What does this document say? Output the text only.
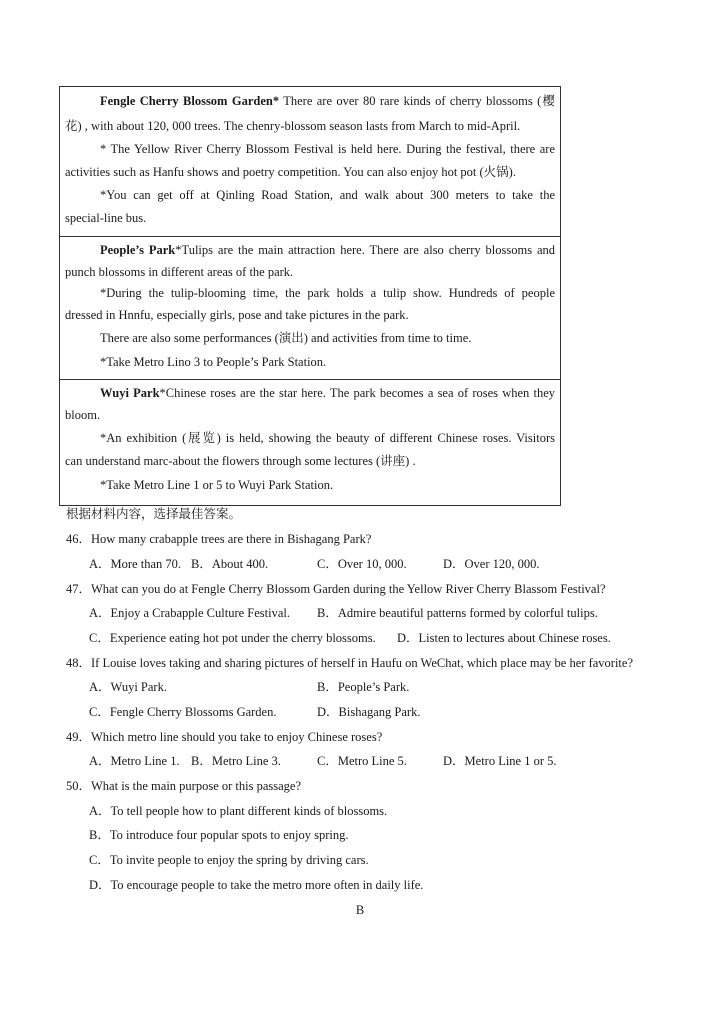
Fengle Cherry Blossom Garden* There are over 80 rare kinds of cherry blossoms (樱
花) , with about 120, 000 trees. The chenry-blossom season lasts from March to mid-April.
* The Yellow River Cherry Blossom Festival is held here. During the festival, there are
activities such as Hanfu shows and poetry competition. You can also enjoy hot pot (火锅).
*You can get off at Qinling Road Station, and walk about 300 meters to take the
special-line bus.
People’s Park*Tulips are the main attraction here. There are also cherry blossoms and
punch blossoms in different areas of the park.
*During the tulip-blooming time, the park holds a tulip show. Hundreds of people
dressed in Hnnfu, especially girls, pose and take pictures in the park.
There are also some performances (演出) and activities from time to time.
*Take Metro Lino 3 to People’s Park Station.
Wuyi Park*Chinese roses are the star here. The park becomes a sea of roses when they
bloom.
*An exhibition (展览) is held, showing the beauty of different Chinese roses. Visitors
can understand marc-about the flowers through some lectures (讲座) .
*Take Metro Line 1 or 5 to Wuyi Park Station.
根据材料内容，选择最佳答案。
46．How many crabapple trees are there in Bishagang Park?
A．More than 70. B．About 400.	C．Over 10, 000.	D．Over 120, 000.
47．What can you do at Fengle Cherry Blossom Garden during the Yellow River Cherry Blassom Festival?
A．Enjoy a Crabapple Culture Festival. B．Admire beautiful patterns formed by colorful tulips.
C．Experience eating hot pot under the cherry blossoms. D．Listen to lectures about Chinese roses.
48．If Louise loves taking and sharing pictures of herself in Haufu on WeChat, which place may be her favorite?
A．Wuyi Park.	B．People’s Park.
C．Fengle Cherry Blossoms Garden.	D．Bishagang Park.
49．Which metro line should you take to enjoy Chinese roses?
A．Metro Line 1. B．Metro Line 3.	C．Metro Line 5.	D．Metro Line 1 or 5.
50．What is the main purpose or this passage?
A．To tell people how to plant different kinds of blossoms.
B．To introduce four popular spots to enjoy spring.
C．To invite people to enjoy the spring by driving cars.
D．To encourage people to take the metro more often in daily life.
B
